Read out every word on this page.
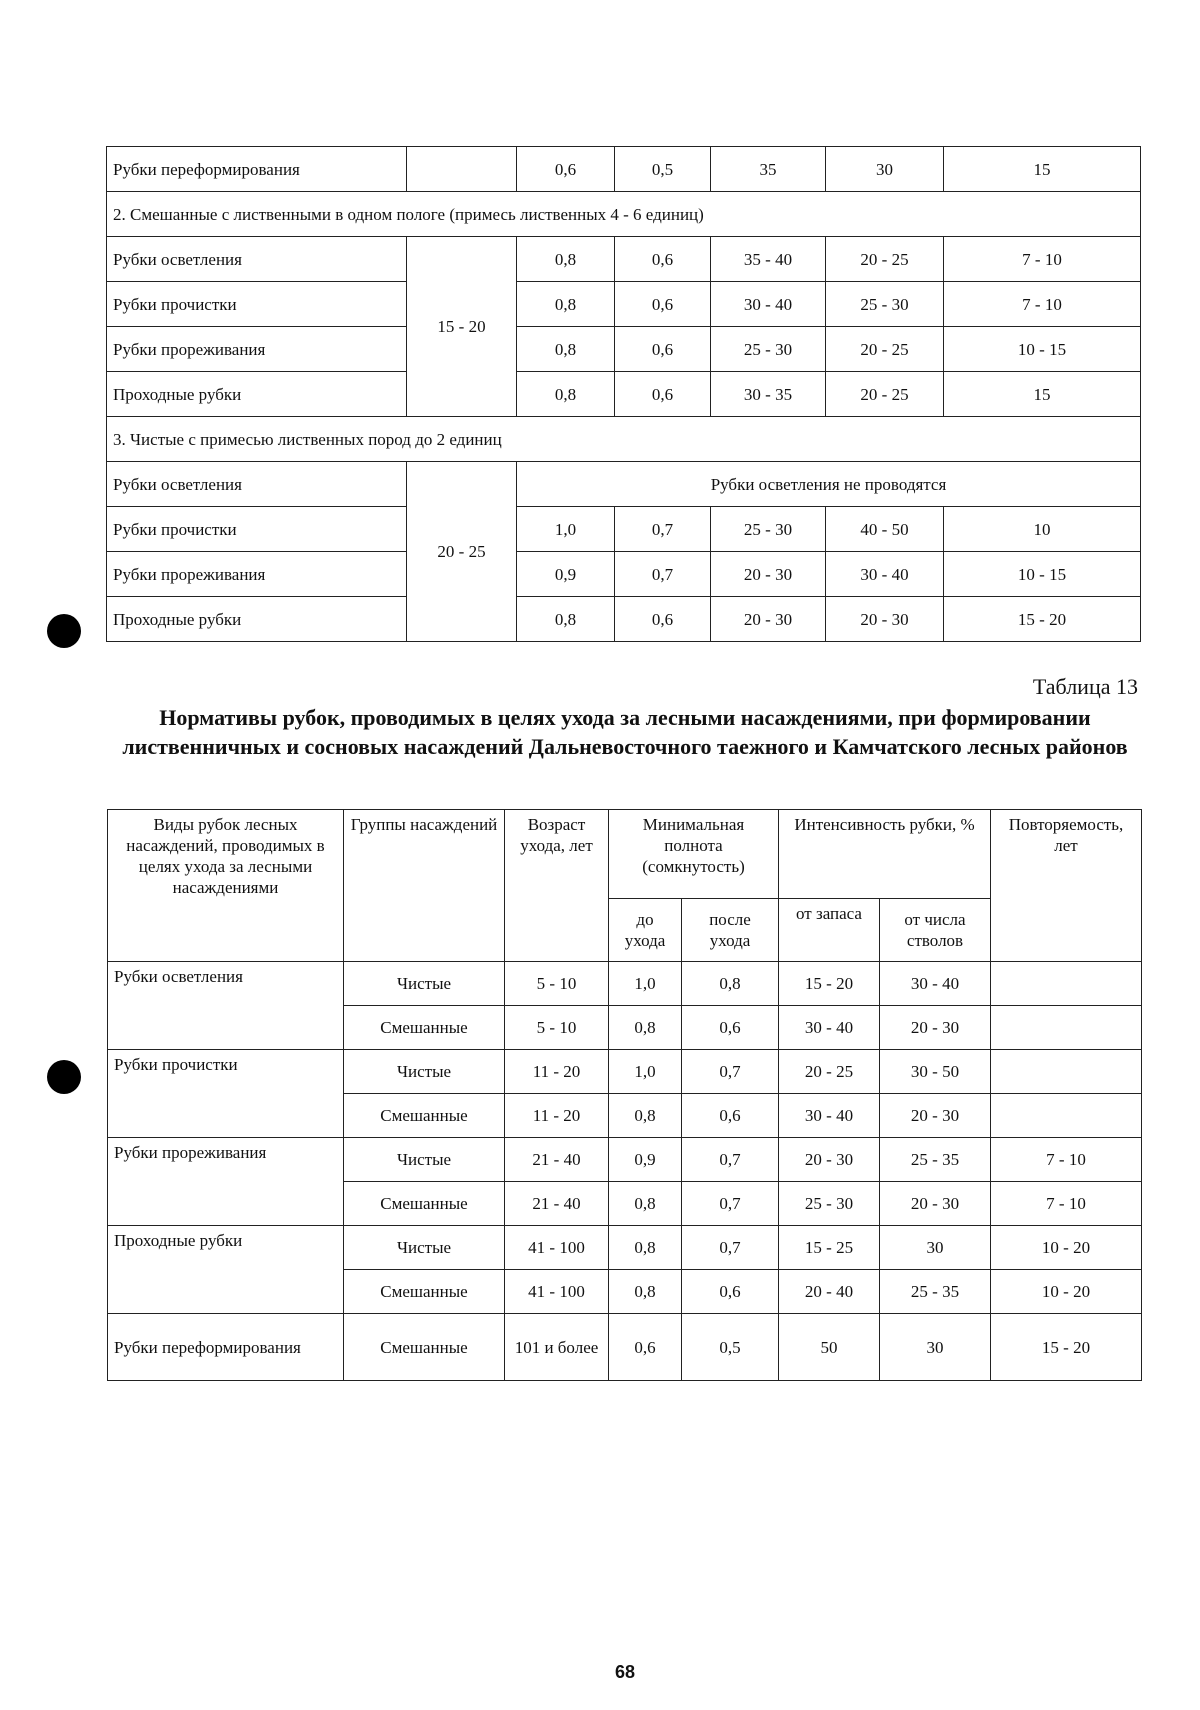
Рубки переформирования		0,6	0,5	35	30	15
2. Смешанные с лиственными в одном пологе (примесь лиственных 4 - 6 единиц)						
Рубки осветления	15 - 20	0,8	0,6	35 - 40	20 - 25	7 - 10
Рубки прочистки		0,8	0,6	30 - 40	25 - 30	7 - 10
Рубки прореживания		0,8	0,6	25 - 30	20 - 25	10 - 15
Проходные рубки		0,8	0,6	30 - 35	20 - 25	15
3. Чистые с примесью лиственных пород до 2 единиц						
Рубки осветления	20 - 25	Рубки осветления не проводятся				
Рубки прочистки		1,0	0,7	25 - 30	40 - 50	10
Рубки прореживания		0,9	0,7	20 - 30	30 - 40	10 - 15
Проходные рубки		0,8	0,6	20 - 30	20 - 30	15 - 20
Таблица 13
Нормативы рубок, проводимых в целях ухода за лесными насаждениями, при формировании лиственничных и сосновых насаждений Дальневосточного таежного и Камчатского лесных районов
Виды рубок лесных насаждений, проводимых в целях ухода за лесными насаждениями	Группы насаждений	Возраст ухода, лет	Минимальная полнота (сомкнутость)		Интенсивность рубки, %		Повторяемость, лет
			до ухода	после ухода	от запаса	от числа стволов	
Рубки осветления	Чистые	5 - 10	1,0	0,8	15 - 20	30 - 40	
	Смешанные	5 - 10	0,8	0,6	30 - 40	20 - 30	
Рубки прочистки	Чистые	11 - 20	1,0	0,7	20 - 25	30 - 50	
	Смешанные	11 - 20	0,8	0,6	30 - 40	20 - 30	
Рубки прореживания	Чистые	21 - 40	0,9	0,7	20 - 30	25 - 35	7 - 10
	Смешанные	21 - 40	0,8	0,7	25 - 30	20 - 30	7 - 10
Проходные рубки	Чистые	41 - 100	0,8	0,7	15 - 25	30	10 - 20
	Смешанные	41 - 100	0,8	0,6	20 - 40	25 - 35	10 - 20
Рубки переформирования	Смешанные	101 и более	0,6	0,5	50	30	15 - 20
68
